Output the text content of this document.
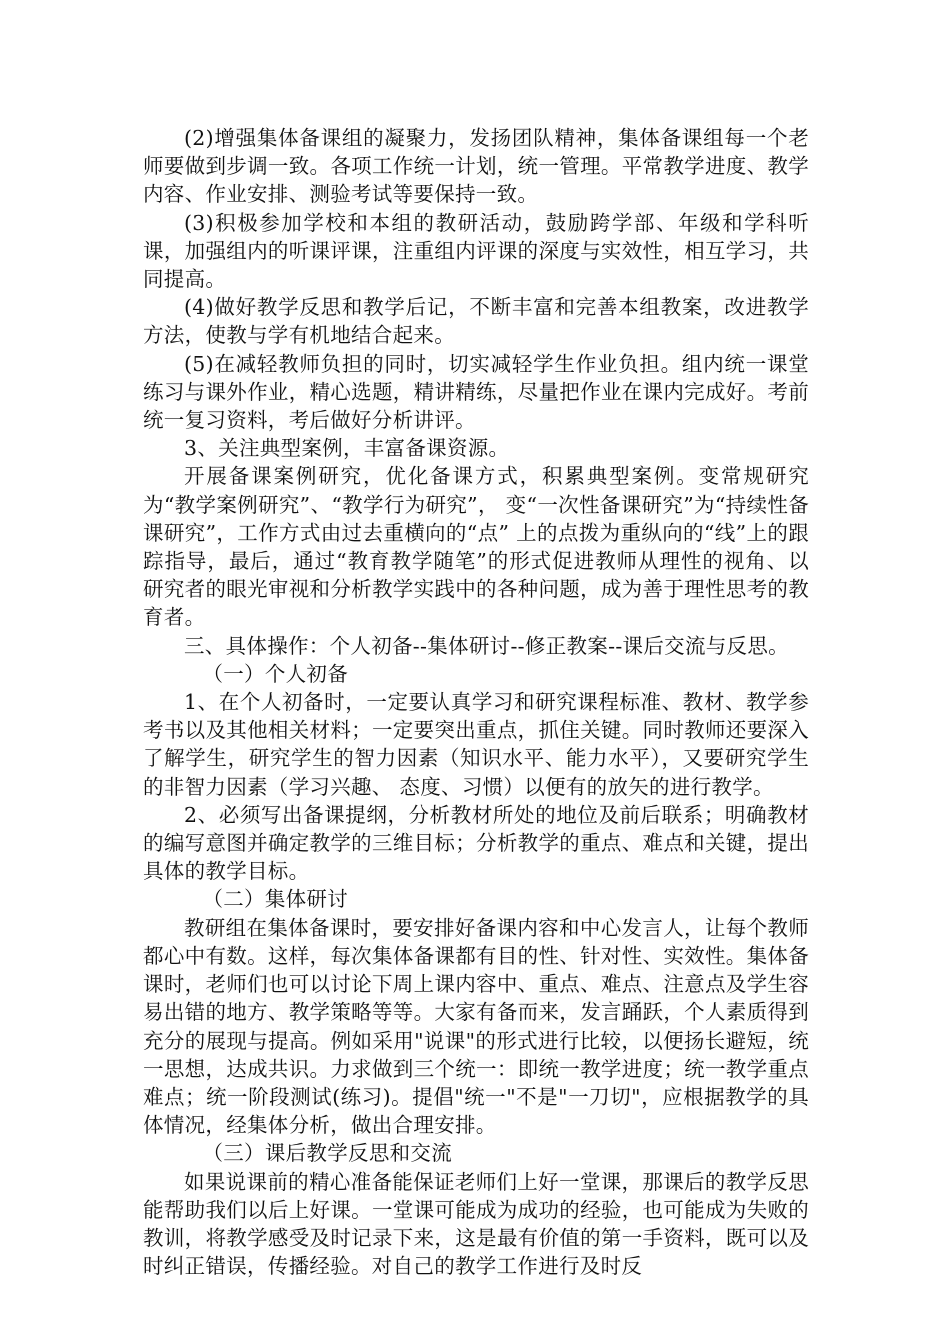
(2)增强集体备课组的凝聚力，发扬团队精神，集体备课组每一个老师要做到步调一致。各项工作统一计划，统一管理。平常教学进度、教学内容、作业安排、测验考试等要保持一致。

(3)积极参加学校和本组的教研活动，鼓励跨学部、年级和学科听课，加强组内的听课评课，注重组内评课的深度与实效性，相互学习，共同提高。

(4)做好教学反思和教学后记，不断丰富和完善本组教案，改进教学方法，使教与学有机地结合起来。

(5)在减轻教师负担的同时，切实减轻学生作业负担。组内统一课堂练习与课外作业，精心选题，精讲精练，尽量把作业在课内完成好。考前统一复习资料，考后做好分析讲评。

3、关注典型案例，丰富备课资源。

开展备课案例研究，优化备课方式，积累典型案例。变常规研究为“教学案例研究”、“教学行为研究”， 变“一次性备课研究”为“持续性备课研究”，工作方式由过去重横向的“点” 上的点拨为重纵向的“线”上的跟踪指导，最后，通过“教育教学随笔”的形式促进教师从理性的视角、以研究者的眼光审视和分析教学实践中的各种问题，成为善于理性思考的教育者。

三、具体操作：个人初备--集体研讨--修正教案--课后交流与反思。

（一）个人初备

1、在个人初备时，一定要认真学习和研究课程标准、教材、教学参考书以及其他相关材料；一定要突出重点，抓住关键。同时教师还要深入了解学生，研究学生的智力因素（知识水平、能力水平），又要研究学生的非智力因素（学习兴趣、 态度、习惯）以便有的放矢的进行教学。

2、必须写出备课提纲，分析教材所处的地位及前后联系；明确教材的编写意图并确定教学的三维目标；分析教学的重点、难点和关键，提出具体的教学目标。

（二）集体研讨

教研组在集体备课时，要安排好备课内容和中心发言人，让每个教师都心中有数。这样，每次集体备课都有目的性、针对性、实效性。集体备课时，老师们也可以讨论下周上课内容中、重点、难点、注意点及学生容易出错的地方、教学策略等等。大家有备而来，发言踊跃，个人素质得到充分的展现与提高。例如采用"说课"的形式进行比较，以便扬长避短，统一思想，达成共识。力求做到三个统一：即统一教学进度；统一教学重点难点；统一阶段测试(练习)。提倡"统一"不是"一刀切"，应根据教学的具体情况，经集体分析，做出合理安排。

（三）课后教学反思和交流

如果说课前的精心准备能保证老师们上好一堂课，那课后的教学反思能帮助我们以后上好课。一堂课可能成为成功的经验，也可能成为失败的教训，将教学感受及时记录下来，这是最有价值的第一手资料，既可以及时纠正错误，传播经验。对自己的教学工作进行及时反
